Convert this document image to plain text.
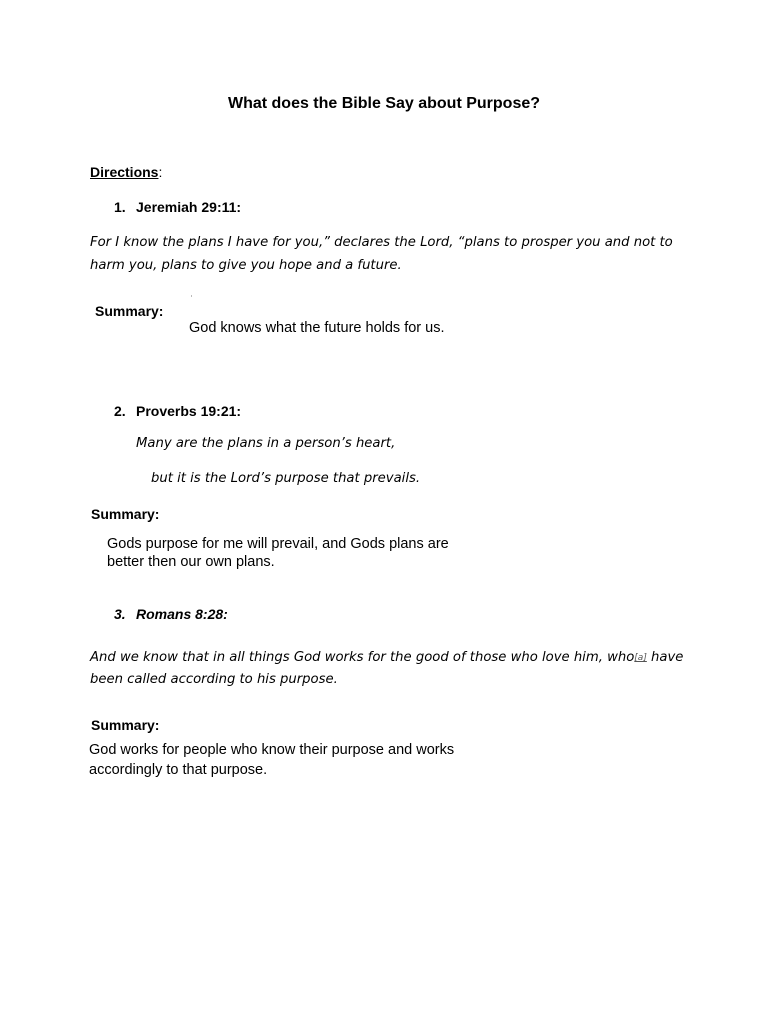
What does the Bible Say about Purpose?
Directions:
1. Jeremiah 29:11:
For I know the plans I have for you,” declares the Lord, “plans to prosper you and not to
harm you, plans to give you hope and a future.
Summary:
God knows what the future holds for us.
2. Proverbs 19:21:
Many are the plans in a person’s heart,
but it is the Lord’s purpose that prevails.
Summary:
Gods purpose for me will prevail, and Gods plans are
better then our own plans.
3. Romans 8:28:
And we know that in all things God works for the good of those who love him, who[a] have
been called according to his purpose.
Summary:
God works for people who know their purpose and works
accordingly to that purpose.
